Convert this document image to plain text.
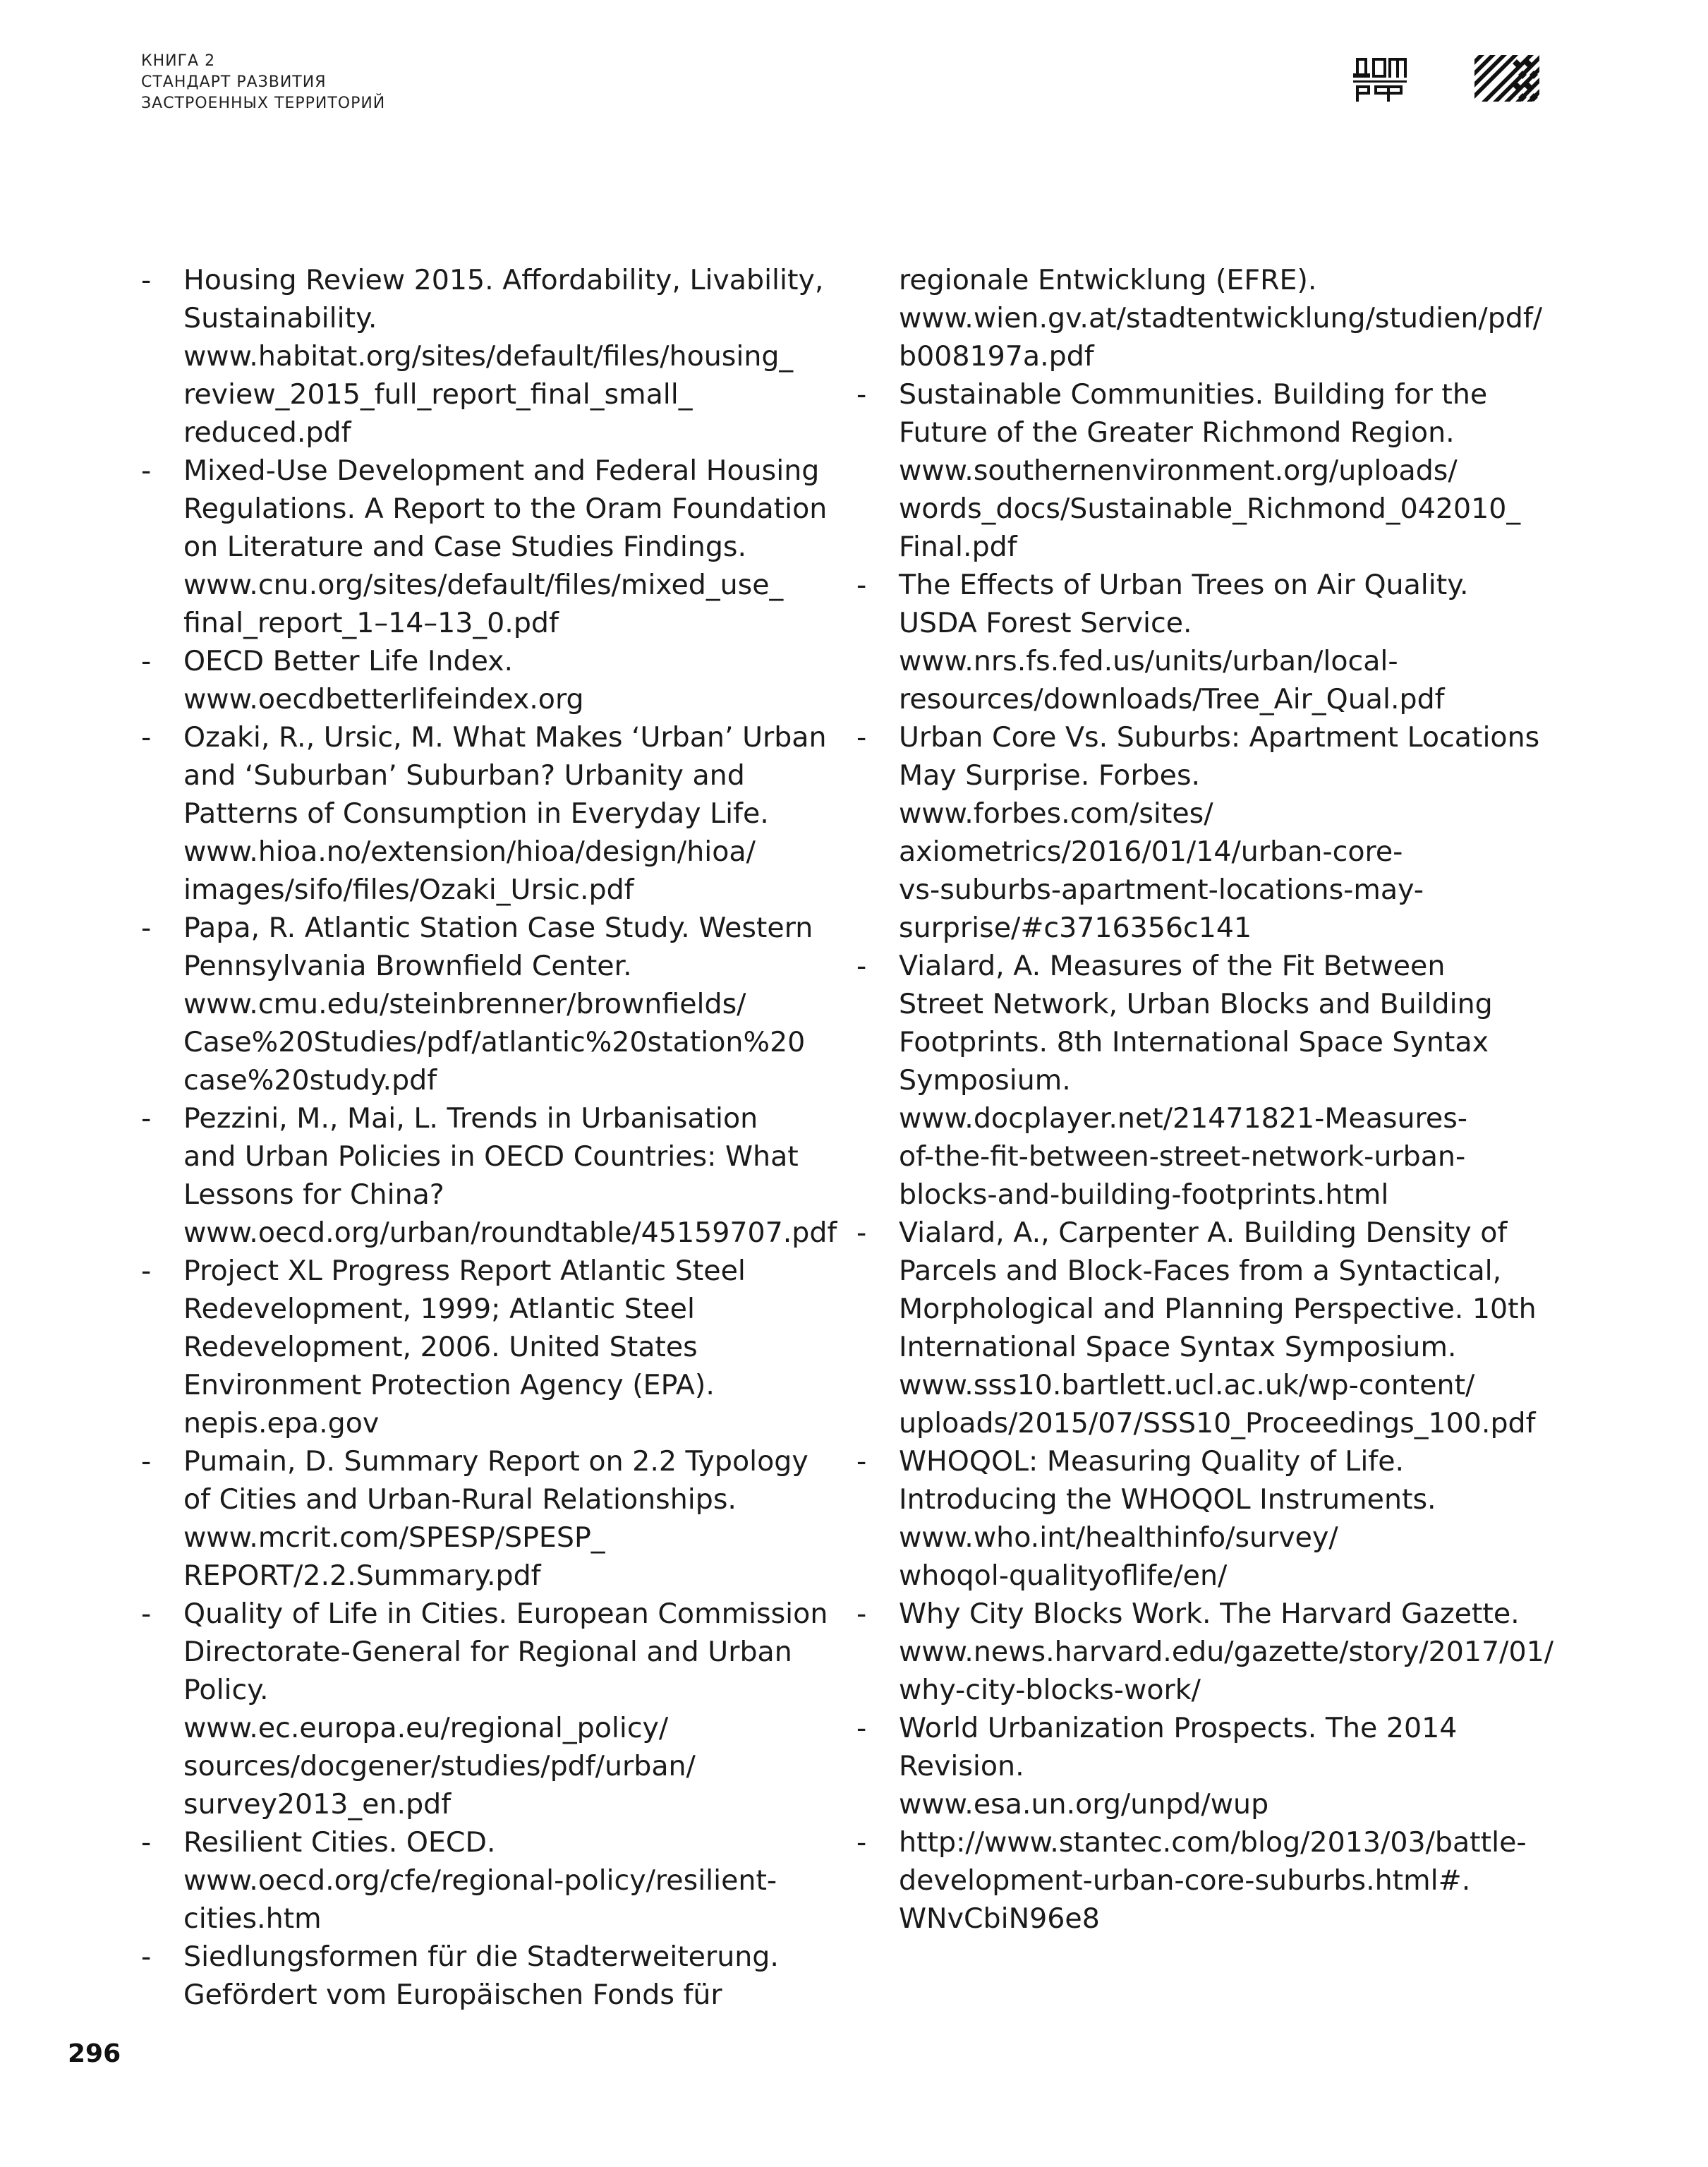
КНИГА 2
СТАНДАРТ РАЗВИТИЯ
ЗАСТРОЕННЫХ ТЕРРИТОРИЙ
-	Housing Review 2015. Affordability, Livability,
Sustainability.
www.habitat.org/sites/default/files/housing_
review_2015_full_report_final_small_
reduced.pdf
-	Mixed-Use Development and Federal Housing
Regulations. A Report to the Oram Foundation
on Literature and Case Studies Findings.
www.cnu.org/sites/default/files/mixed_use_
final_report_1–14–13_0.pdf
-	OECD Better Life Index.
www.oecdbetterlifeindex.org
-	Ozaki, R., Ursic, M. What Makes ‘Urban’ Urban
and ‘Suburban’ Suburban? Urbanity and
Patterns of Consumption in Everyday Life.
www.hioa.no/extension/hioa/design/hioa/
images/sifo/files/Ozaki_Ursic.pdf
-	Papa, R. Atlantic Station Case Study. Western
Pennsylvania Brownfield Center.
www.cmu.edu/steinbrenner/brownfields/
Case%20Studies/pdf/atlantic%20station%20
case%20study.pdf
-	Pezzini, M., Mai, L. Trends in Urbanisation
and Urban Policies in OECD Countries: What
Lessons for China?
www.oecd.org/urban/roundtable/45159707.pdf
-	Project XL Progress Report Atlantic Steel
Redevelopment, 1999; Atlantic Steel
Redevelopment, 2006. United States
Environment Protection Agency (EPA).
nepis.epa.gov
-	Pumain, D. Summary Report on 2.2 Typology
of Cities and Urban-Rural Relationships.
www.mcrit.com/SPESP/SPESP_
REPORT/2.2.Summary.pdf
-	Quality of Life in Cities. European Commission
Directorate-General for Regional and Urban
Policy.
www.ec.europa.eu/regional_policy/
sources/docgener/studies/pdf/urban/
survey2013_en.pdf
-	Resilient Cities. OECD.
www.oecd.org/cfe/regional-policy/resilient-
cities.htm
-	Siedlungsformen für die Stadterweiterung.
Gefördert vom Europäischen Fonds für
regionale Entwicklung (EFRE).
www.wien.gv.at/stadtentwicklung/studien/pdf/
b008197a.pdf
-	Sustainable Communities. Building for the
Future of the Greater Richmond Region.
www.southernenvironment.org/uploads/
words_docs/Sustainable_Richmond_042010_
Final.pdf
-	The Effects of Urban Trees on Air Quality.
USDA Forest Service.
www.nrs.fs.fed.us/units/urban/local-
resources/downloads/Tree_Air_Qual.pdf
-	Urban Core Vs. Suburbs: Apartment Locations
May Surprise. Forbes.
www.forbes.com/sites/
axiometrics/2016/01/14/urban-core-
vs-suburbs-apartment-locations-may-
surprise/#c3716356c141
-	Vialard, A. Measures of the Fit Between
Street Network, Urban Blocks and Building
Footprints. 8th International Space Syntax
Symposium.
www.docplayer.net/21471821-Measures-
of-the-fit-between-street-network-urban-
blocks-and-building-footprints.html
-	Vialard, A., Carpenter A. Building Density of
Parcels and Block-Faces from a Syntactical,
Morphological and Planning Perspective. 10th
International Space Syntax Symposium.
www.sss10.bartlett.ucl.ac.uk/wp-content/
uploads/2015/07/SSS10_Proceedings_100.pdf
-	WHOQOL: Measuring Quality of Life.
Introducing the WHOQOL Instruments.
www.who.int/healthinfo/survey/
whoqol-qualityoflife/en/
-	Why City Blocks Work. The Harvard Gazette.
www.news.harvard.edu/gazette/story/2017/01/
why-city-blocks-work/
-	World Urbanization Prospects. The 2014
Revision.
www.esa.un.org/unpd/wup
-	http://www.stantec.com/blog/2013/03/battle-
development-urban-core-suburbs.html#.
WNvCbiN96e8
296
